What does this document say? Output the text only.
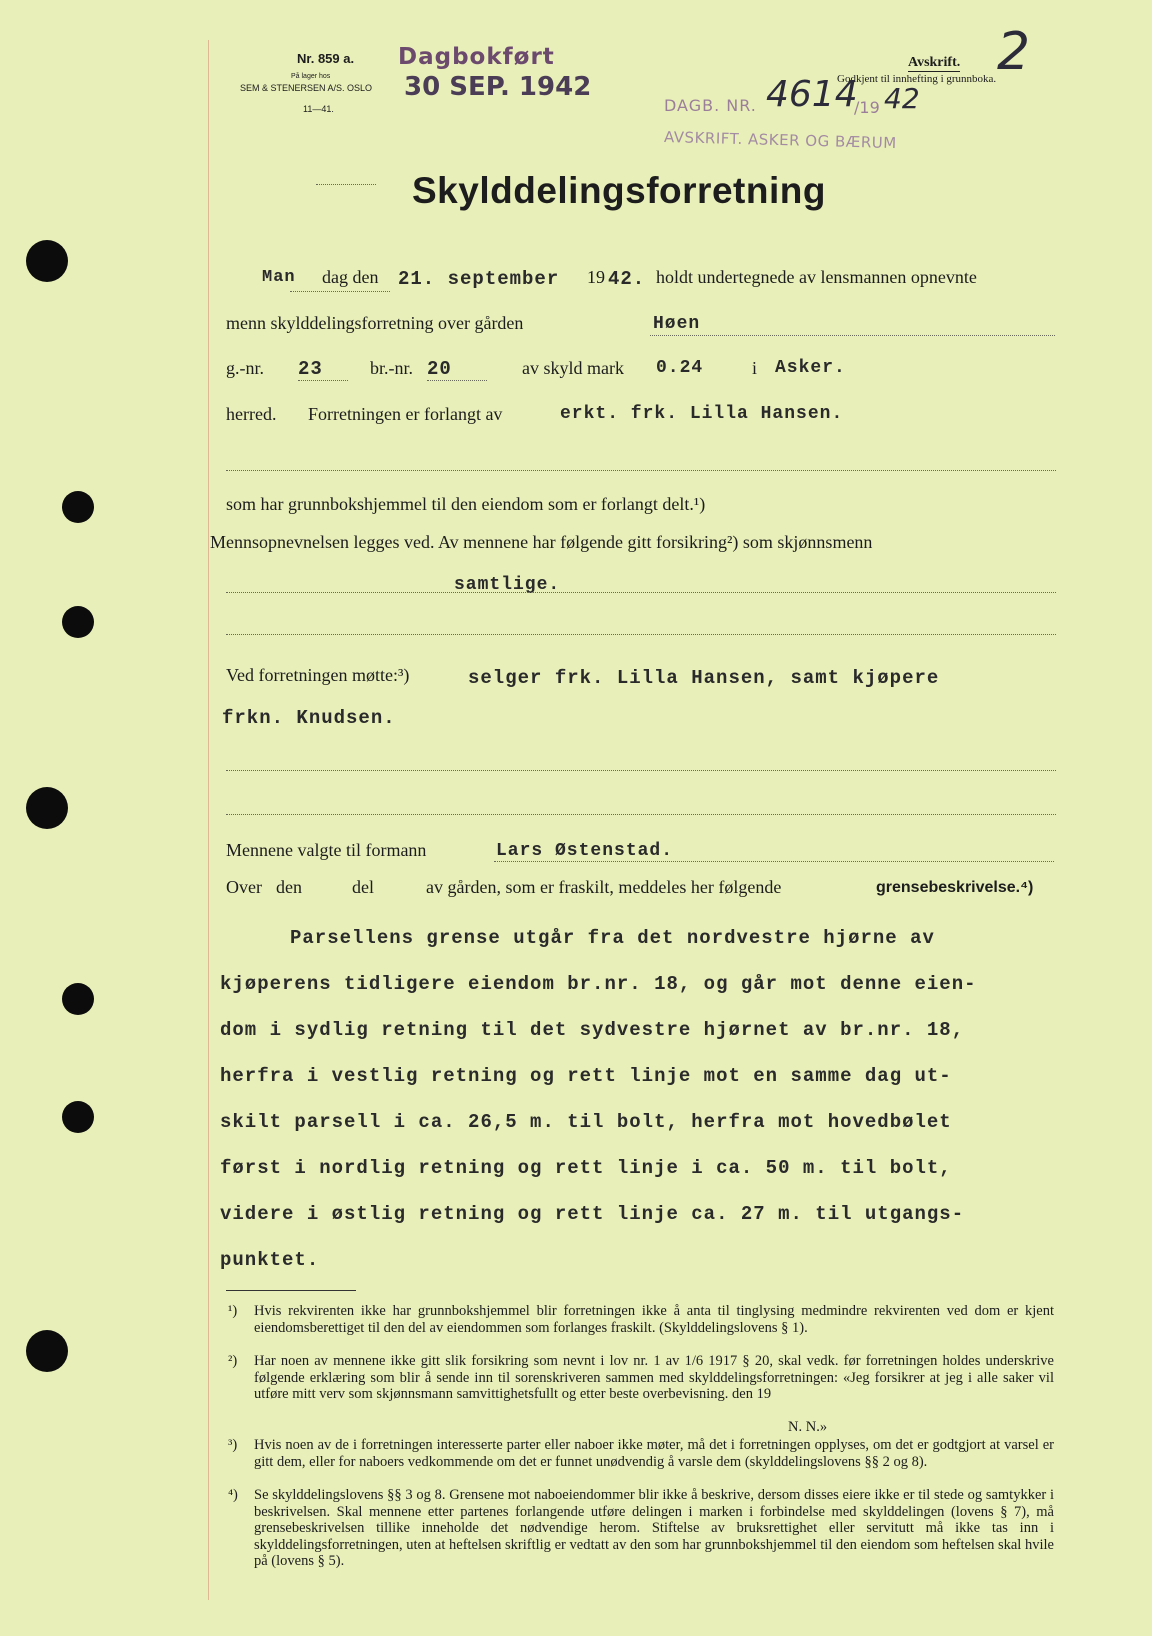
Nr. 859 a.
På lager hos
SEM & STENERSEN A/S. OSLO
11—41.
Dagbokført
30 SEP. 1942
Avskrift.
Godkjent til innhefting i grunnboka. 2
DAGB. NR. 4614
/19 42
AVSKRIFT. ASKER OG BÆRUM
Skylddelingsforretning
Man dag den 21. september 19 42. holdt undertegnede av lensmannen opnevnte
menn skylddelingsforretning over gården	Høen
g.-nr. 23	br.-nr. 20	av skyld mark 0.24	i Asker.
herred. Forretningen er forlangt av	erkt. frk. Lilla Hansen.
som har grunnbokshjemmel til den eiendom som er forlangt delt.¹)
Mennsopnevnelsen legges ved. Av mennene har følgende gitt forsikring²) som skjønnsmenn
samtlige.
Ved forretningen møtte:³)	selger frk. Lilla Hansen, samt kjøpere
frkn. Knudsen.
Mennene valgte til formann	Lars Østenstad.
Over den	del	av gården, som er fraskilt, meddeles her følgende	grensebeskrivelse.⁴)
Parsellens grense utgår fra det nordvestre hjørne av
kjøperens tidligere eiendom br.nr. 18, og går mot denne eien-
dom i sydlig retning til det sydvestre hjørnet av br.nr. 18,
herfra i vestlig retning og rett linje mot en samme dag ut-
skilt parsell i ca. 26,5 m. til bolt, herfra mot hovedbølet
først i nordlig retning og rett linje i ca. 50 m. til bolt,
videre i østlig retning og rett linje ca. 27 m. til utgangs-
punktet.
¹) Hvis rekvirenten ikke har grunnbokshjemmel blir forretningen ikke å anta til tinglysing medmindre rekvirenten ved dom er kjent eiendomsberettiget til den del av eiendommen som forlanges fraskilt. (Skylddelingslovens § 1).
²) Har noen av mennene ikke gitt slik forsikring som nevnt i lov nr. 1 av 1/6 1917 § 20, skal vedk. før forretningen holdes underskrive følgende erklæring som blir å sende inn til sorenskriveren sammen med skylddelingsforretningen: «Jeg forsikrer at jeg i alle saker vil utføre mitt verv som skjønnsmann samvittighetsfullt og etter beste overbevisning. den 19
N. N.»
³) Hvis noen av de i forretningen interesserte parter eller naboer ikke møter, må det i forretningen opplyses, om det er godtgjort at varsel er gitt dem, eller for naboers vedkommende om det er funnet unødvendig å varsle dem (skylddelingslovens §§ 2 og 8).
⁴) Se skylddelingslovens §§ 3 og 8. Grensene mot naboeiendommer blir ikke å beskrive, dersom disses eiere ikke er til stede og samtykker i beskrivelsen. Skal mennene etter partenes forlangende utføre delingen i marken i forbindelse med skylddelingen (lovens § 7), må grensebeskrivelsen tillike inneholde det nødvendige herom. Stiftelse av bruksrettighet eller servitutt må ikke tas inn i skylddelingsforretningen, uten at heftelsen skriftlig er vedtatt av den som har grunnbokshjemmel til den eiendom som heftelsen skal hvile på (lovens § 5).
